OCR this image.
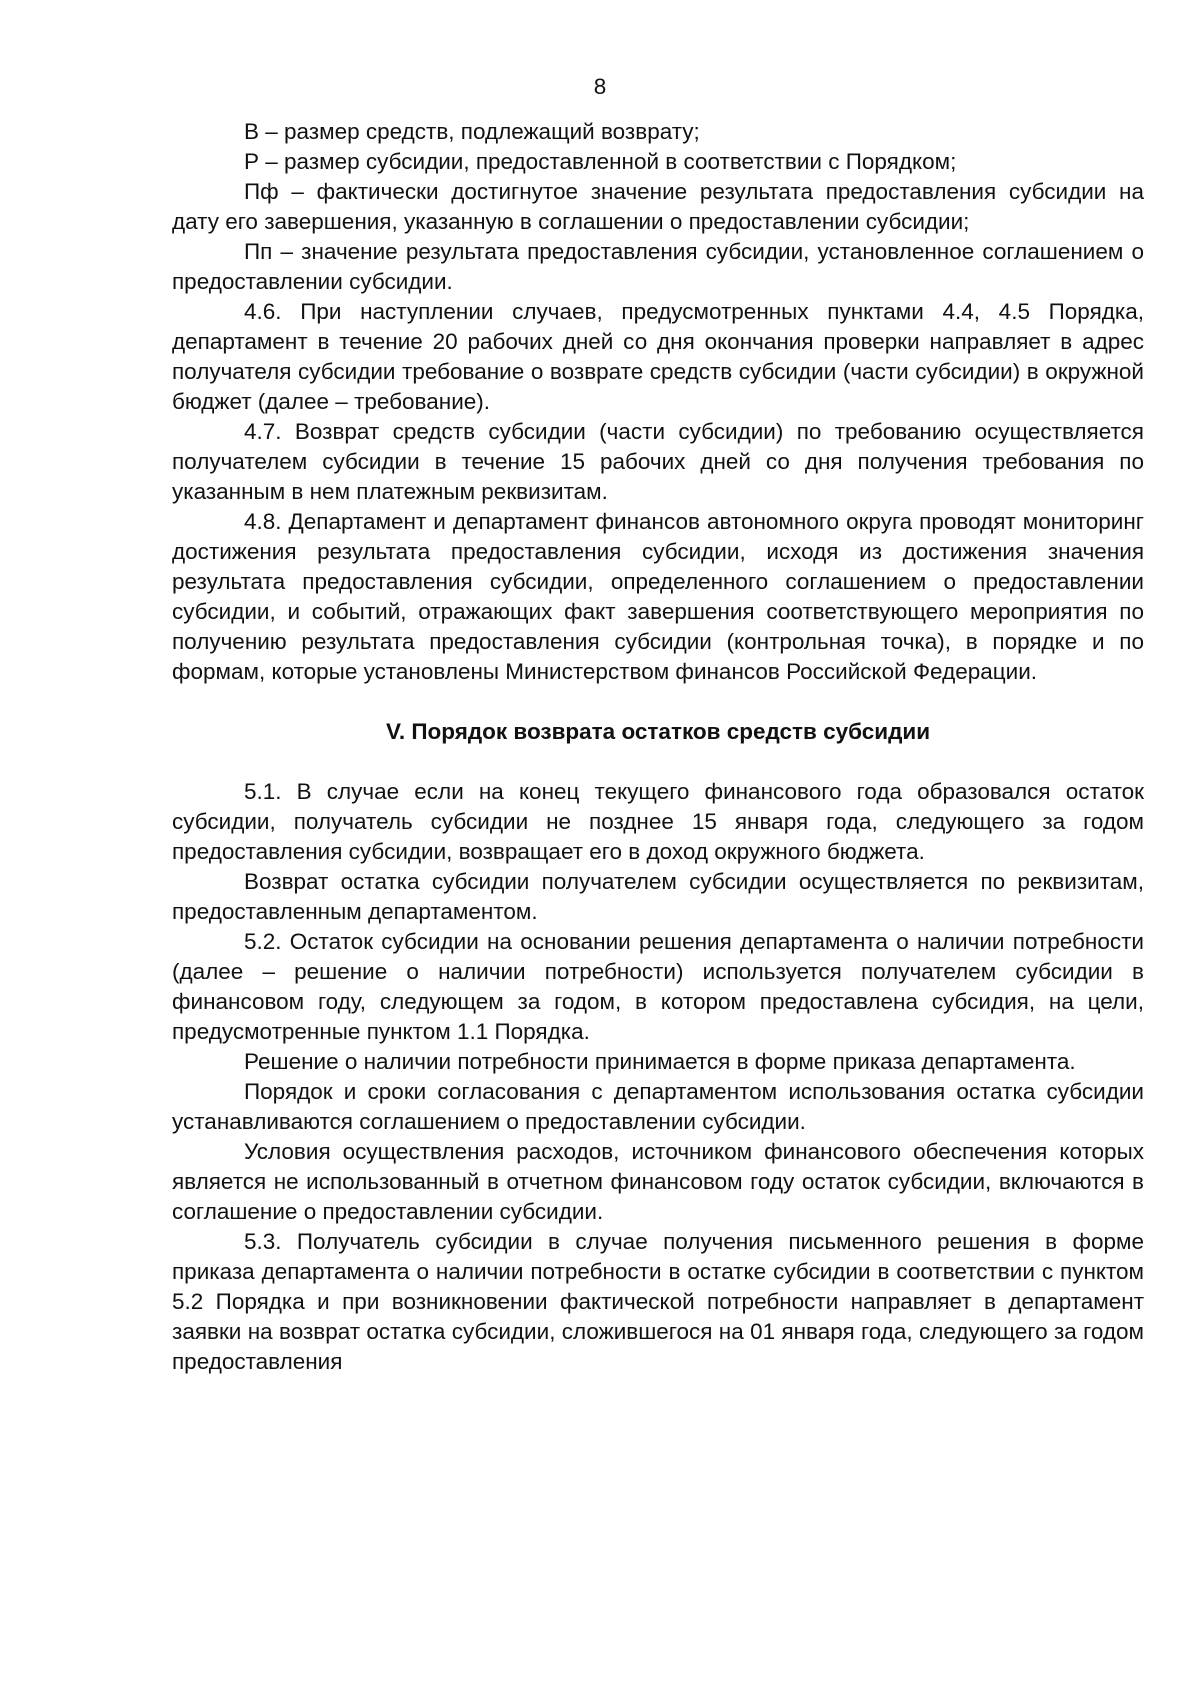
8

В – размер средств, подлежащий возврату;

Р – размер субсидии, предоставленной в соответствии с Порядком;

Пф – фактически достигнутое значение результата предоставления субсидии на дату его завершения, указанную в соглашении о предоставлении субсидии;

Пп – значение результата предоставления субсидии, установленное соглашением о предоставлении субсидии.

4.6. При наступлении случаев, предусмотренных пунктами 4.4, 4.5 Порядка, департамент в течение 20 рабочих дней со дня окончания проверки направляет в адрес получателя субсидии требование о возврате средств субсидии (части субсидии) в окружной бюджет (далее – требование).

4.7. Возврат средств субсидии (части субсидии) по требованию осуществляется получателем субсидии в течение 15 рабочих дней со дня получения требования по указанным в нем платежным реквизитам.

4.8. Департамент и департамент финансов автономного округа проводят мониторинг достижения результата предоставления субсидии, исходя из достижения значения результата предоставления субсидии, определенного соглашением о предоставлении субсидии, и событий, отражающих факт завершения соответствующего мероприятия по получению результата предоставления субсидии (контрольная точка), в порядке и по формам, которые установлены Министерством финансов Российской Федерации.

V. Порядок возврата остатков средств субсидии

5.1. В случае если на конец текущего финансового года образовался остаток субсидии, получатель субсидии не позднее 15 января года, следующего за годом предоставления субсидии, возвращает его в доход окружного бюджета.

Возврат остатка субсидии получателем субсидии осуществляется по реквизитам, предоставленным департаментом.

5.2. Остаток субсидии на основании решения департамента о наличии потребности (далее – решение о наличии потребности) используется получателем субсидии в финансовом году, следующем за годом, в котором предоставлена субсидия, на цели, предусмотренные пунктом 1.1 Порядка.

Решение о наличии потребности принимается в форме приказа департамента.

Порядок и сроки согласования с департаментом использования остатка субсидии устанавливаются соглашением о предоставлении субсидии.

Условия осуществления расходов, источником финансового обеспечения которых является не использованный в отчетном финансовом году остаток субсидии, включаются в соглашение о предоставлении субсидии.

5.3. Получатель субсидии в случае получения письменного решения в форме приказа департамента о наличии потребности в остатке субсидии в соответствии с пунктом 5.2 Порядка и при возникновении фактической потребности направляет в департамент заявки на возврат остатка субсидии, сложившегося на 01 января года, следующего за годом предоставления
